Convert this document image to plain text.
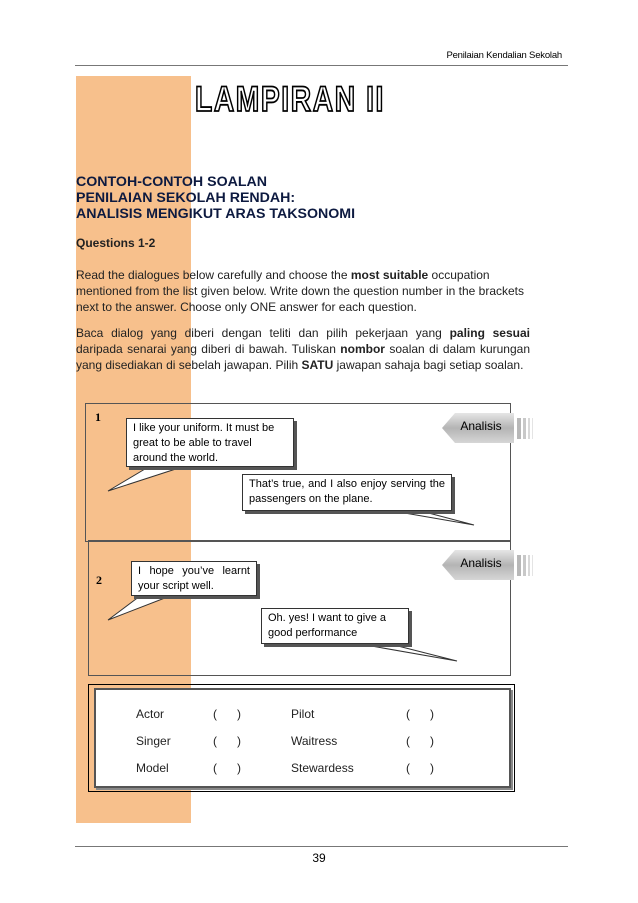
Penilaian Kendalian Sekolah
LAMPIRAN II
CONTOH-CONTOH SOALAN
PENILAIAN SEKOLAH RENDAH:
ANALISIS MENGIKUT ARAS TAKSONOMI
Questions 1-2
Read the dialogues below carefully and choose the most suitable occupation mentioned from the list given below. Write down the question number in the brackets next to the answer. Choose only ONE answer for each question.
Baca dialog yang diberi dengan teliti dan pilih pekerjaan yang paling sesuai daripada senarai yang diberi di bawah. Tuliskan nombor soalan di dalam kurungan yang disediakan di sebelah jawapan. Pilih SATU jawapan sahaja bagi setiap soalan.
1
2
I like your uniform. It must be great to be able to travel around the world.
That’s true, and I also enjoy serving the passengers on the plane.
I hope you’ve learnt your script well.
Oh. yes! I want to give a good performance
Analisis
Analisis
Actor	(      )	Pilot	(      )
Singer	(      )	Waitress	(      )
Model	(      )	Stewardess	(      )
39
